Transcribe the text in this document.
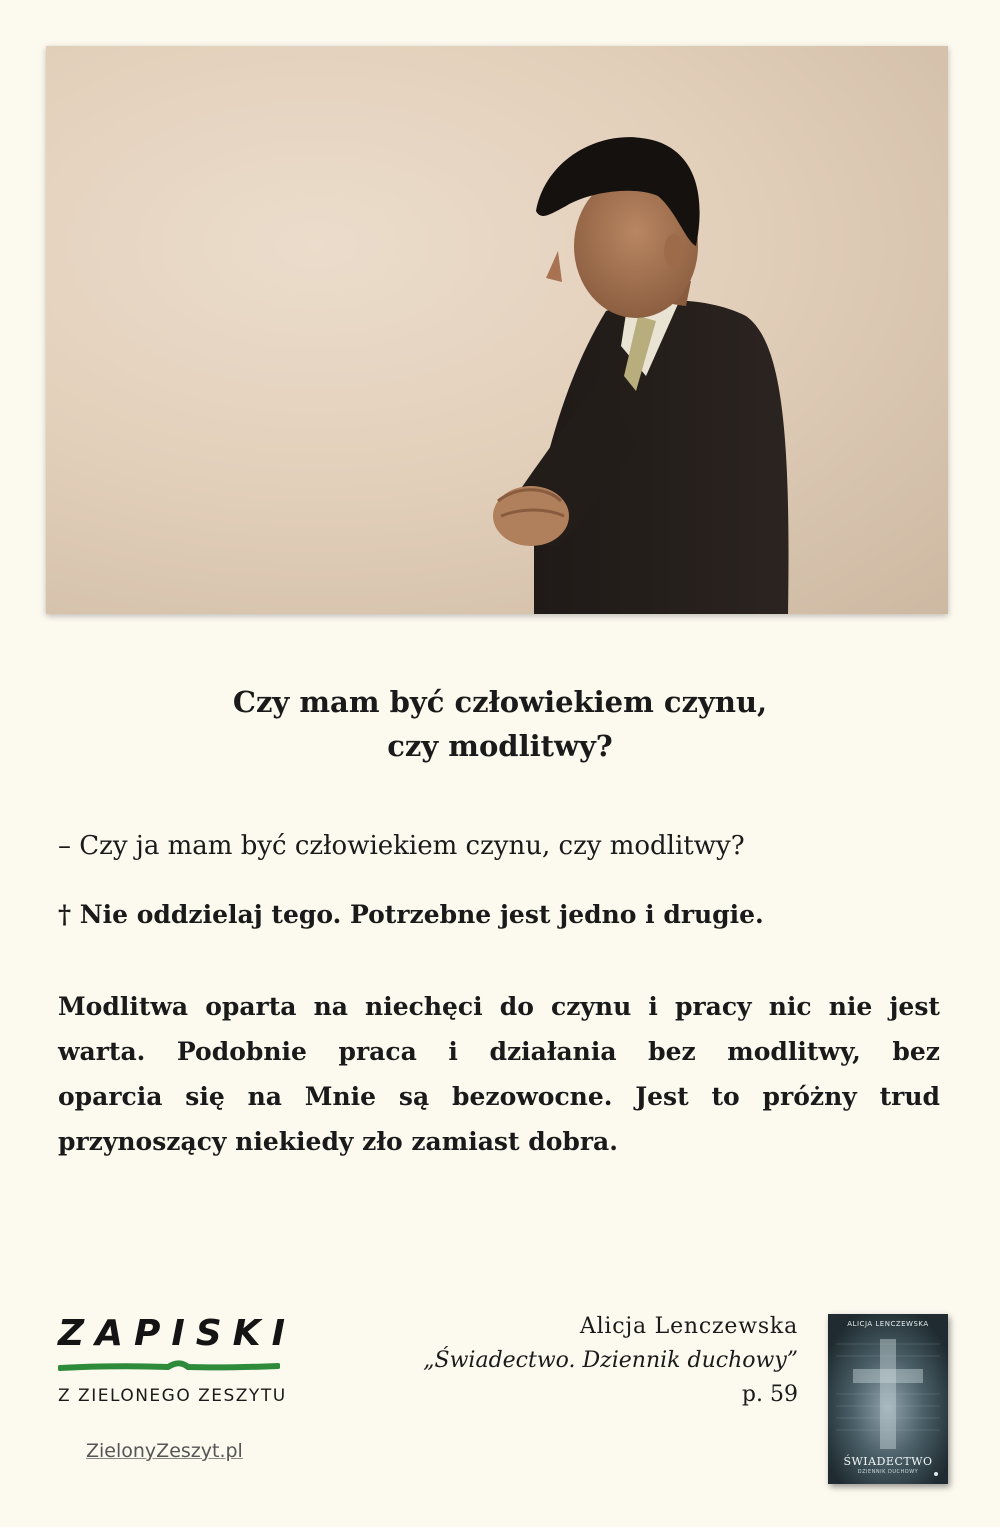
Czy mam być człowiekiem czynu,
czy modlitwy?
– Czy ja mam być człowiekiem czynu, czy modlitwy?
† Nie oddzielaj tego. Potrzebne jest jedno i drugie.
Modlitwa oparta na niechęci do czynu i pracy nic nie jest
warta. Podobnie praca i działania bez modlitwy, bez
oparcia się na Mnie są bezowocne. Jest to próżny trud
przynoszący niekiedy zło zamiast dobra.
ZAPISKI
Z ZIELONEGO ZESZYTU
ZielonyZeszyt.pl
Alicja Lenczewska
„Świadectwo. Dziennik duchowy”
p. 59
ALICJA LENCZEWSKA
ŚWIADECTWO
DZIENNIK DUCHOWY
